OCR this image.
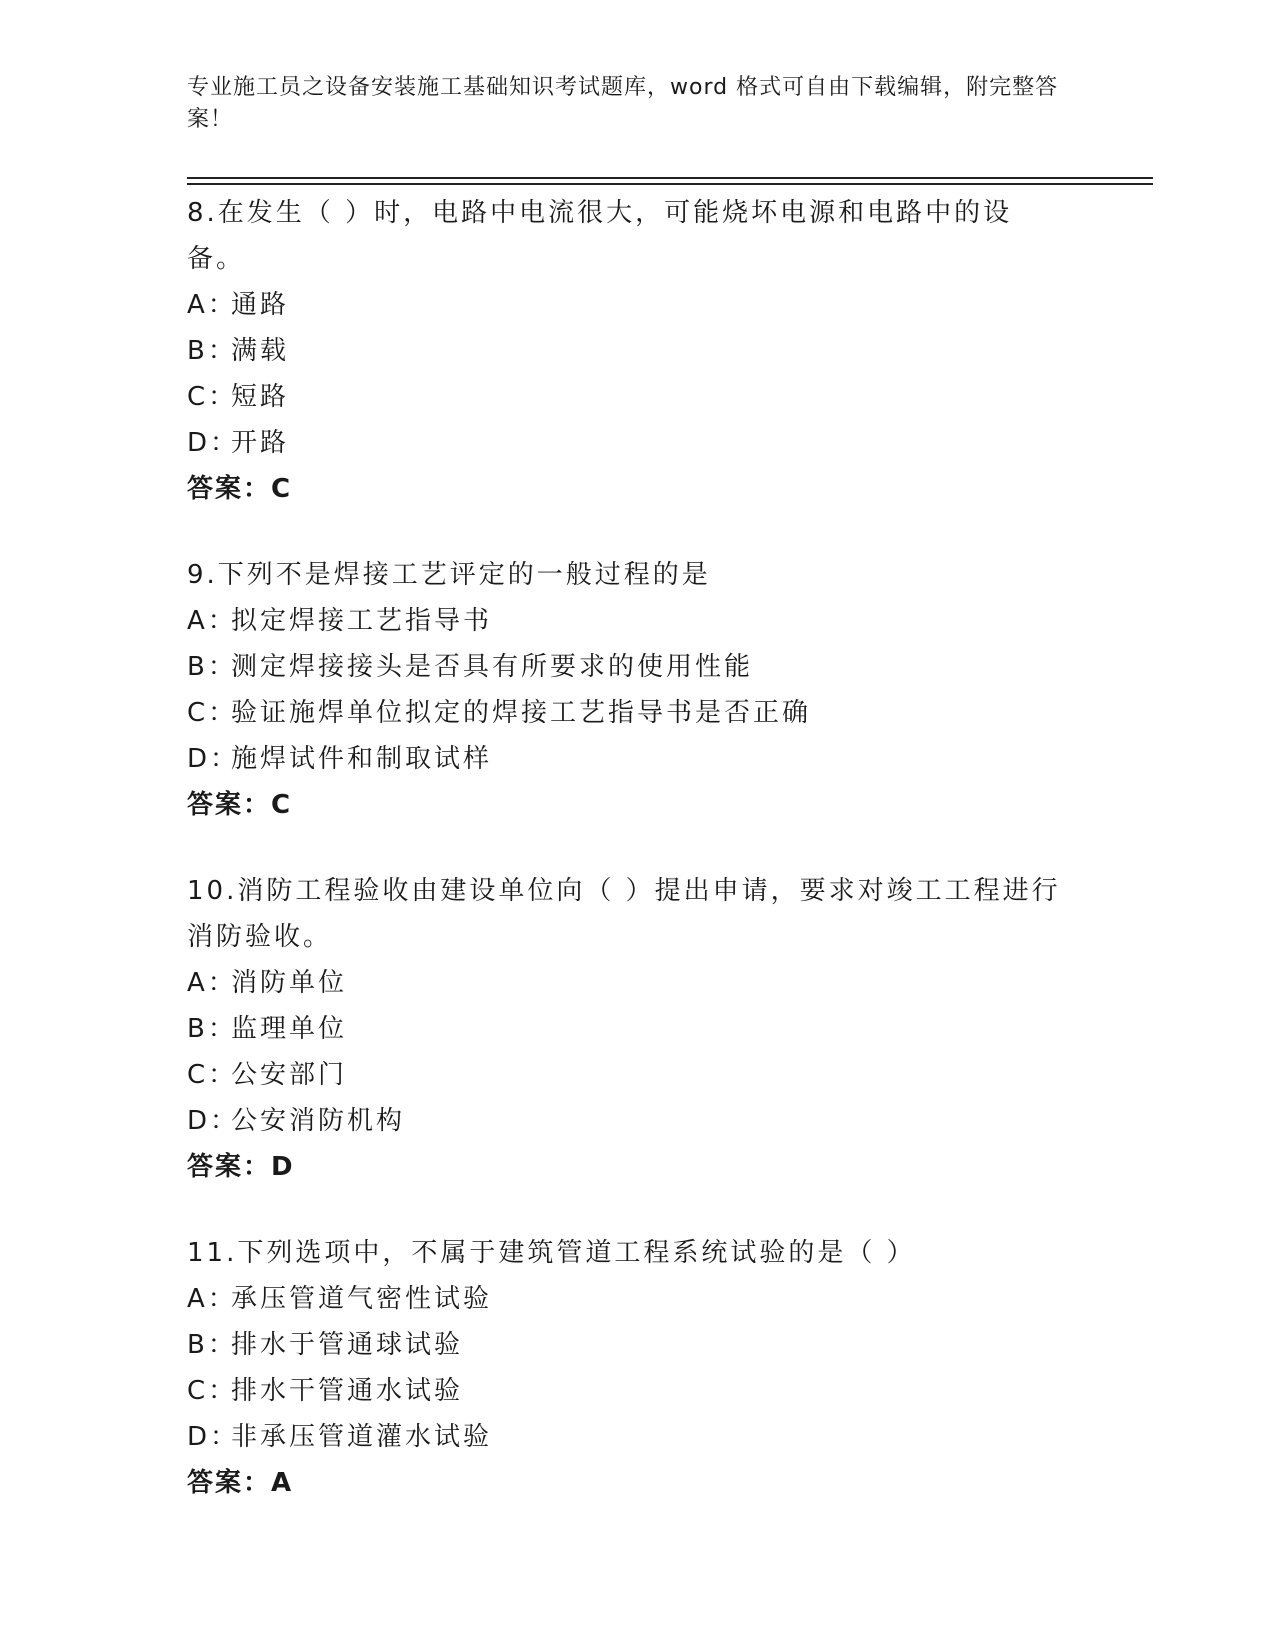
专业施工员之设备安装施工基础知识考试题库，word 格式可自由下载编辑，附完整答案！
8.在发生（ ）时，电路中电流很大，可能烧坏电源和电路中的设备。
A：
通路
B：
满载
C：
短路
D：
开路
答案：C
9.下列不是焊接工艺评定的一般过程的是
A：
拟定焊接工艺指导书
B：
测定焊接接头是否具有所要求的使用性能
C：
验证施焊单位拟定的焊接工艺指导书是否正确
D：
施焊试件和制取试样
答案：C
10.消防工程验收由建设单位向（ ）提出申请，要求对竣工工程进行消防验收。
A：
消防单位
B：
监理单位
C：
公安部门
D：
公安消防机构
答案：D
11.下列选项中，不属于建筑管道工程系统试验的是（ ）
A：
承压管道气密性试验
B：
排水于管通球试验
C：
排水干管通水试验
D：
非承压管道灌水试验
答案：A
